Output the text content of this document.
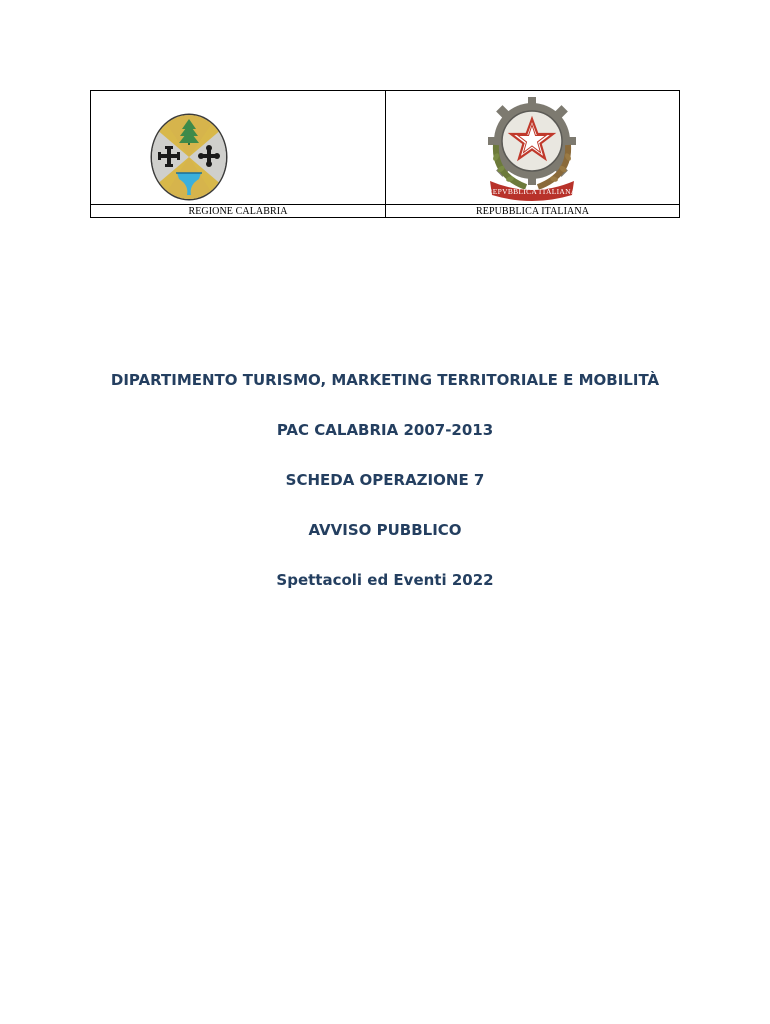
REPVBBLICA ITALIANA
REGIONE CALABRIA	REPUBBLICA ITALIANA

DIPARTIMENTO TURISMO, MARKETING TERRITORIALE E MOBILITÀ

PAC CALABRIA 2007-2013

SCHEDA OPERAZIONE 7

AVVISO PUBBLICO

Spettacoli ed Eventi 2022
